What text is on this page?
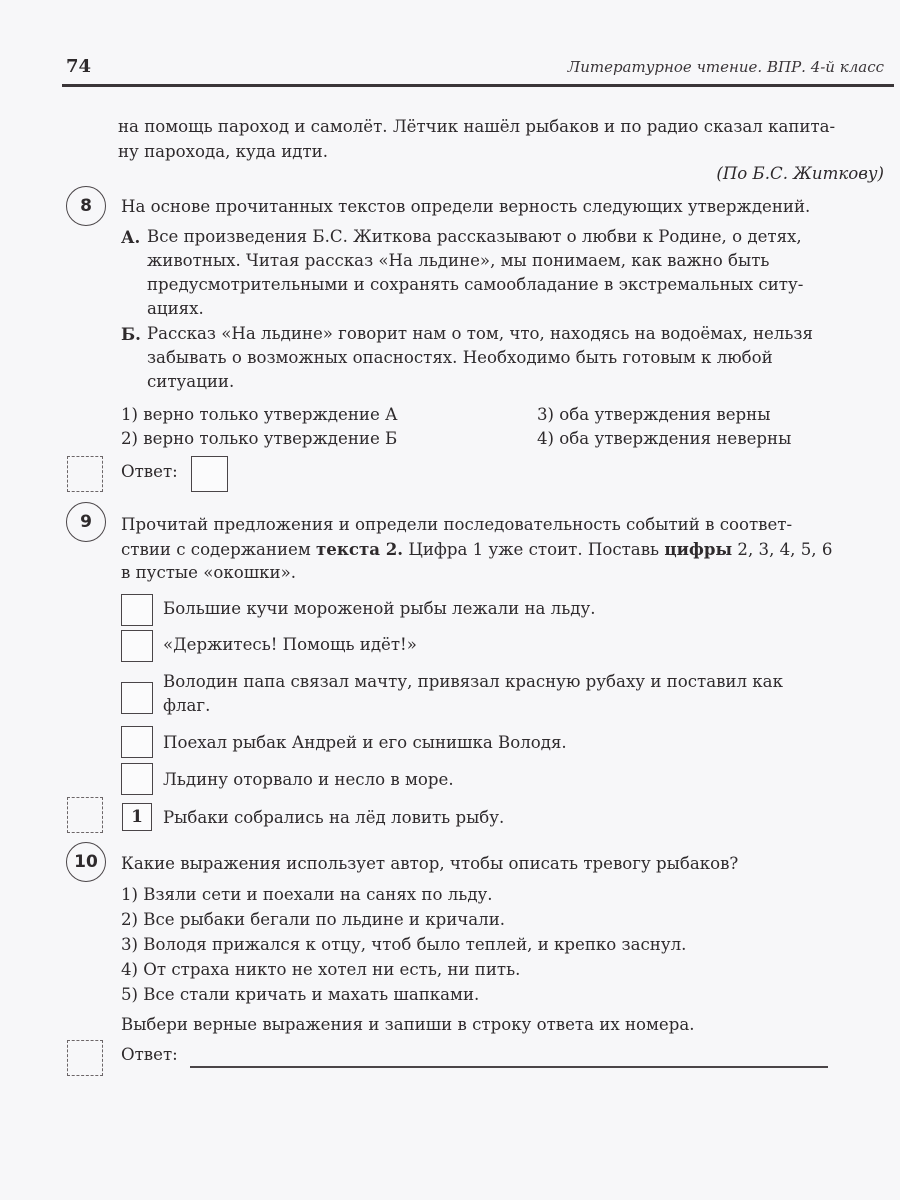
74	Литературное чтение. ВПР. 4-й класс
на помощь пароход и самолёт. Лётчик нашёл рыбаков и по радио сказал капита-
ну парохода, куда идти.
(По Б.С. Житкову)
8	На основе прочитанных текстов определи верность следующих утверждений.
А. Все произведения Б.С. Житкова рассказывают о любви к Родине, о детях,
животных. Читая рассказ «На льдине», мы понимаем, как важно быть
предусмотрительными и сохранять самообладание в экстремальных ситу-
ациях.
Б. Рассказ «На льдине» говорит нам о том, что, находясь на водоёмах, нельзя
забывать о возможных опасностях. Необходимо быть готовым к любой
ситуации.
1) верно только утверждение А
2) верно только утверждение Б
3) оба утверждения верны
4) оба утверждения неверны
Ответ:
9	Прочитай предложения и определи последовательность событий в соответ-
ствии с содержанием текста 2. Цифра 1 уже стоит. Поставь цифры 2, 3, 4, 5, 6
в пустые «окошки».
Большие кучи мороженой рыбы лежали на льду.
«Держитесь! Помощь идёт!»
Володин папа связал мачту, привязал красную рубаху и поставил как
флаг.
Поехал рыбак Андрей и его сынишка Володя.
Льдину оторвало и несло в море.
1	Рыбаки собрались на лёд ловить рыбу.
10	Какие выражения использует автор, чтобы описать тревогу рыбаков?
1) Взяли сети и поехали на санях по льду.
2) Все рыбаки бегали по льдине и кричали.
3) Володя прижался к отцу, чтоб было теплей, и крепко заснул.
4) От страха никто не хотел ни есть, ни пить.
5) Все стали кричать и махать шапками.
Выбери верные выражения и запиши в строку ответа их номера.
Ответ:
